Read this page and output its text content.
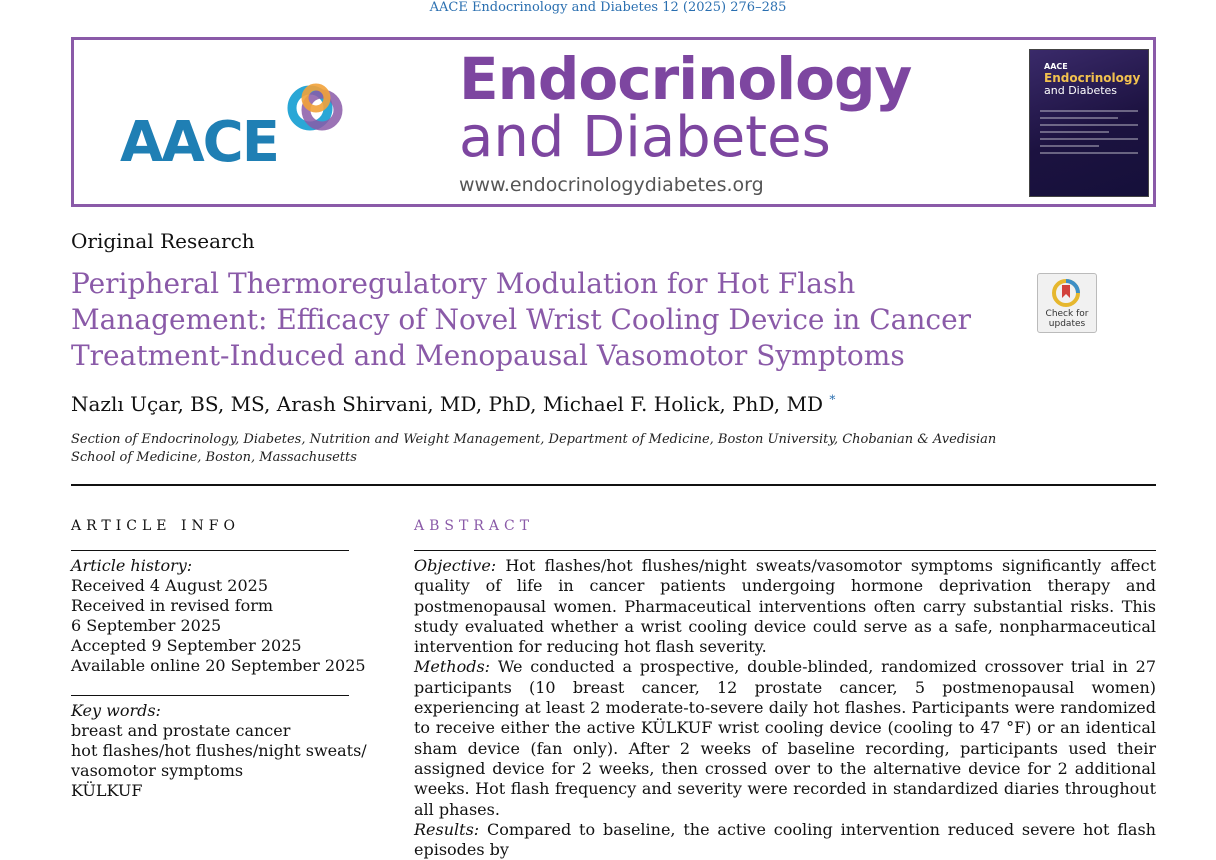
AACE Endocrinology and Diabetes 12 (2025) 276–285
AACE
Endocrinology
and Diabetes
www.endocrinologydiabetes.org
AACE
Endocrinology
and Diabetes
Original Research
Peripheral Thermoregulatory Modulation for Hot Flash Management: Efficacy of Novel Wrist Cooling Device in Cancer Treatment-Induced and Menopausal Vasomotor Symptoms
Check for updates
Nazlı Uçar, BS, MS, Arash Shirvani, MD, PhD, Michael F. Holick, PhD, MD *
Section of Endocrinology, Diabetes, Nutrition and Weight Management, Department of Medicine, Boston University, Chobanian & Avedisian School of Medicine, Boston, Massachusetts
ARTICLE INFO	ABSTRACT
Article history:
Received 4 August 2025
Received in revised form
6 September 2025
Accepted 9 September 2025
Available online 20 September 2025
Key words:
breast and prostate cancer
hot flashes/hot flushes/night sweats/
vasomotor symptoms
KÜLKUF

Objective: Hot flashes/hot flushes/night sweats/vasomotor symptoms significantly affect quality of life in cancer patients undergoing hormone deprivation therapy and postmenopausal women. Pharmaceutical interventions often carry substantial risks. This study evaluated whether a wrist cooling device could serve as a safe, nonpharmaceutical intervention for reducing hot flash severity.

Methods: We conducted a prospective, double-blinded, randomized crossover trial in 27 participants (10 breast cancer, 12 prostate cancer, 5 postmenopausal women) experiencing at least 2 moderate-to-severe daily hot flashes. Participants were randomized to receive either the active KÜLKUF wrist cooling device (cooling to 47 °F) or an identical sham device (fan only). After 2 weeks of baseline recording, participants used their assigned device for 2 weeks, then crossed over to the alternative device for 2 additional weeks. Hot flash frequency and severity were recorded in standardized diaries throughout all phases.

Results: Compared to baseline, the active cooling intervention reduced severe hot flash episodes by
